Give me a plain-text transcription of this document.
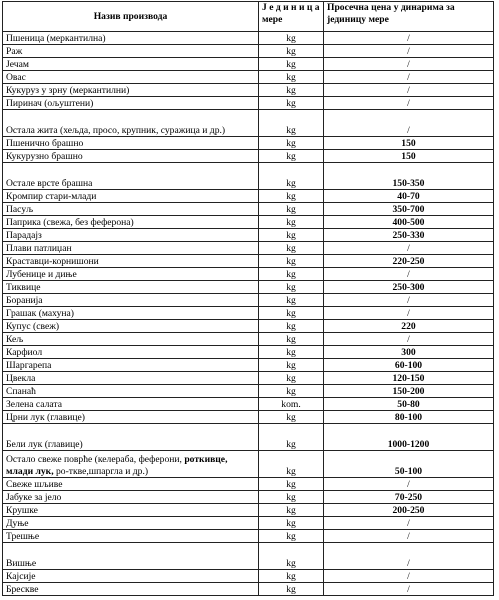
Назив производа	Ј е д и н и ц а мере	Просечна цена у динарима за јединицу мере
Пшеница (меркантилна)	kg	/
Раж	kg	/
Јечам	kg	/
Овас	kg	/
Кукуруз у зрну (меркантилни)	kg	/
Пиринач (ољуштени)	kg	/
Остала жита (хељда, просо, крупник, суражица и др.)	kg	/
Пшенично брашно	kg	150
Кукурузно брашно	kg	150
Остале врсте брашна	kg	150-350
Кромпир стари-млади	kg	40-70
Пасуљ	kg	350-700
Паприка (свежа, без феферона)	kg	400-500
Парадајз	kg	250-330
Плави патлиџан	kg	/
Краставци-корнишони	kg	220-250
Лубенице и диње	kg	/
Тиквице	kg	250-300
Боранија	kg	/
Грашак (махуна)	kg	/
Купус (свеж)	kg	220
Кељ	kg	/
Карфиол	kg	300
Шаргарепа	kg	60-100
Цвекла	kg	120-150
Спанаћ	kg	150-200
Зелена салата	kom.	50-80
Црни лук (главице)	kg	80-100
Бели лук (главице)	kg	1000-1200
Остало свеже поврће (келераба, феферони, роткивце, млади лук, ро-ткве,шпаргла и др.)	kg	50-100
Свеже шљиве	kg	/
Јабуке за јело	kg	70-250
Крушке	kg	200-250
Дуње	kg	/
Трешње	kg	/
Вишње	kg	/
Кајсије	kg	/
Брескве	kg	/
